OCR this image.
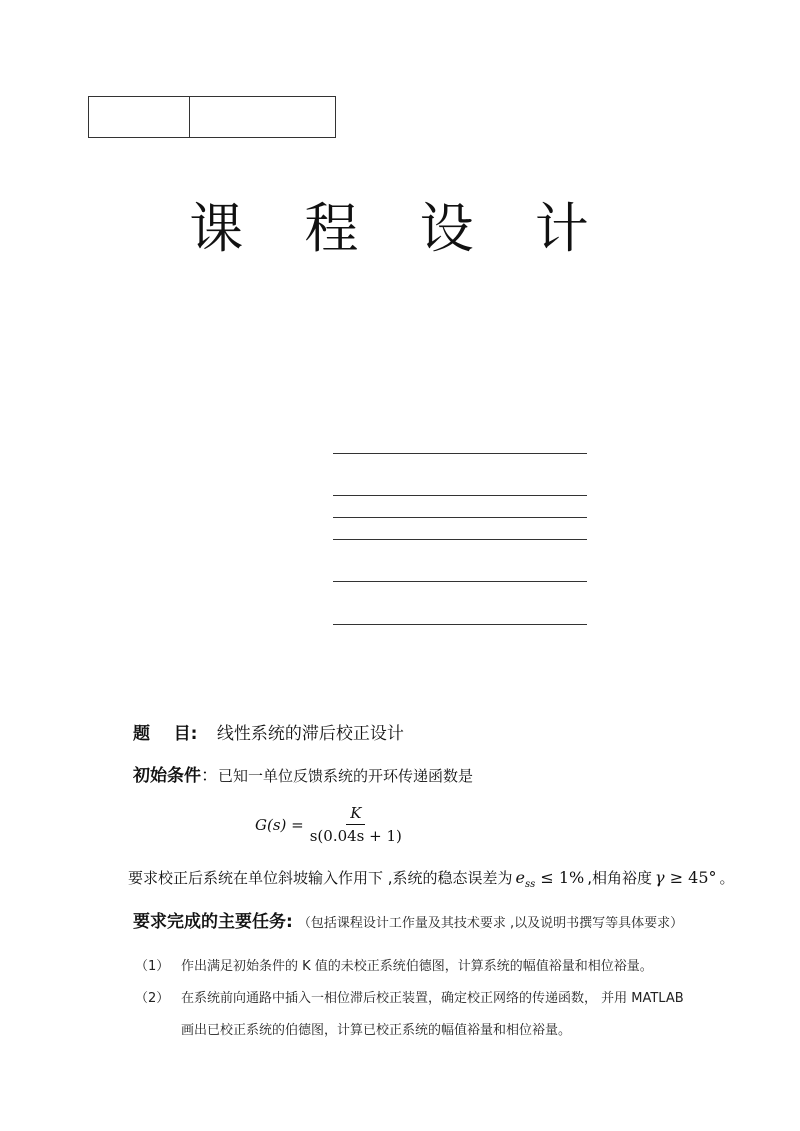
课 程 设 计
题    目: 线性系统的滞后校正设计
初始条件：已知一单位反馈系统的开环传递函数是
$G(s) = \frac{K}{s(0.04s + 1)}$
要求校正后系统在单位斜坡输入作用下 ,系统的稳态误差为 $e_{ss} \le 1\%$ ,相角裕度 γ ≥ 45° 。
要求完成的主要任务: （包括课程设计工作量及其技术要求 ,以及说明书撰写等具体要求）
（1） 作出满足初始条件的 K 值的未校正系统伯德图，计算系统的幅值裕量和相位裕量。
（2） 在系统前向通路中插入一相位滞后校正装置，确定校正网络的传递函数， 并用 MATLAB
画出已校正系统的伯德图，计算已校正系统的幅值裕量和相位裕量。
